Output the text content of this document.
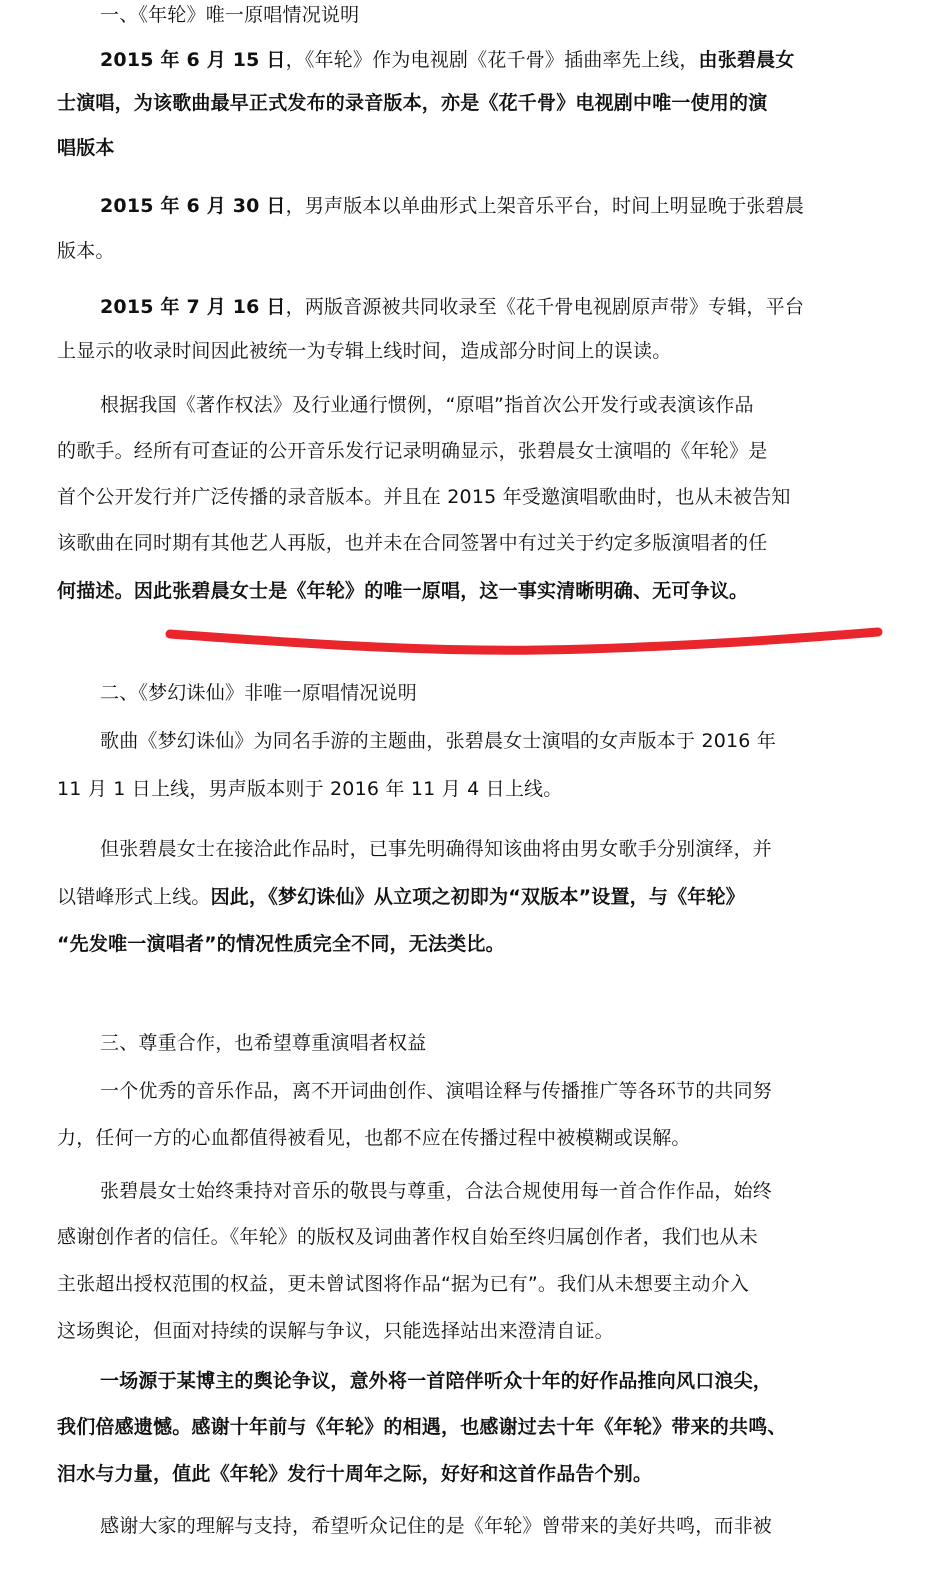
一、《年轮》唯一原唱情况说明
2015 年 6 月 15 日，《年轮》作为电视剧《花千骨》插曲率先上线，由张碧晨女
士演唱，为该歌曲最早正式发布的录音版本，亦是《花千骨》电视剧中唯一使用的演
唱版本
2015 年 6 月 30 日，男声版本以单曲形式上架音乐平台，时间上明显晚于张碧晨
版本。
2015 年 7 月 16 日，两版音源被共同收录至《花千骨电视剧原声带》专辑，平台
上显示的收录时间因此被统一为专辑上线时间，造成部分时间上的误读。
根据我国《著作权法》及行业通行惯例，“原唱”指首次公开发行或表演该作品
的歌手。经所有可查证的公开音乐发行记录明确显示，张碧晨女士演唱的《年轮》是
首个公开发行并广泛传播的录音版本。并且在 2015 年受邀演唱歌曲时，也从未被告知
该歌曲在同时期有其他艺人再版，也并未在合同签署中有过关于约定多版演唱者的任
何描述。因此张碧晨女士是《年轮》的唯一原唱，这一事实清晰明确、无可争议。
二、《梦幻诛仙》非唯一原唱情况说明
歌曲《梦幻诛仙》为同名手游的主题曲，张碧晨女士演唱的女声版本于 2016 年
11 月 1 日上线，男声版本则于 2016 年 11 月 4 日上线。
但张碧晨女士在接洽此作品时，已事先明确得知该曲将由男女歌手分别演绎，并
以错峰形式上线。因此，《梦幻诛仙》从立项之初即为“双版本”设置，与《年轮》
“先发唯一演唱者”的情况性质完全不同，无法类比。
三、尊重合作，也希望尊重演唱者权益
一个优秀的音乐作品，离不开词曲创作、演唱诠释与传播推广等各环节的共同努
力，任何一方的心血都值得被看见，也都不应在传播过程中被模糊或误解。
张碧晨女士始终秉持对音乐的敬畏与尊重，合法合规使用每一首合作作品，始终
感谢创作者的信任。《年轮》的版权及词曲著作权自始至终归属创作者，我们也从未
主张超出授权范围的权益，更未曾试图将作品“据为已有”。我们从未想要主动介入
这场舆论，但面对持续的误解与争议，只能选择站出来澄清自证。
一场源于某博主的舆论争议，意外将一首陪伴听众十年的好作品推向风口浪尖，
我们倍感遗憾。感谢十年前与《年轮》的相遇，也感谢过去十年《年轮》带来的共鸣、
泪水与力量，值此《年轮》发行十周年之际，好好和这首作品告个别。
感谢大家的理解与支持，希望听众记住的是《年轮》曾带来的美好共鸣，而非被
